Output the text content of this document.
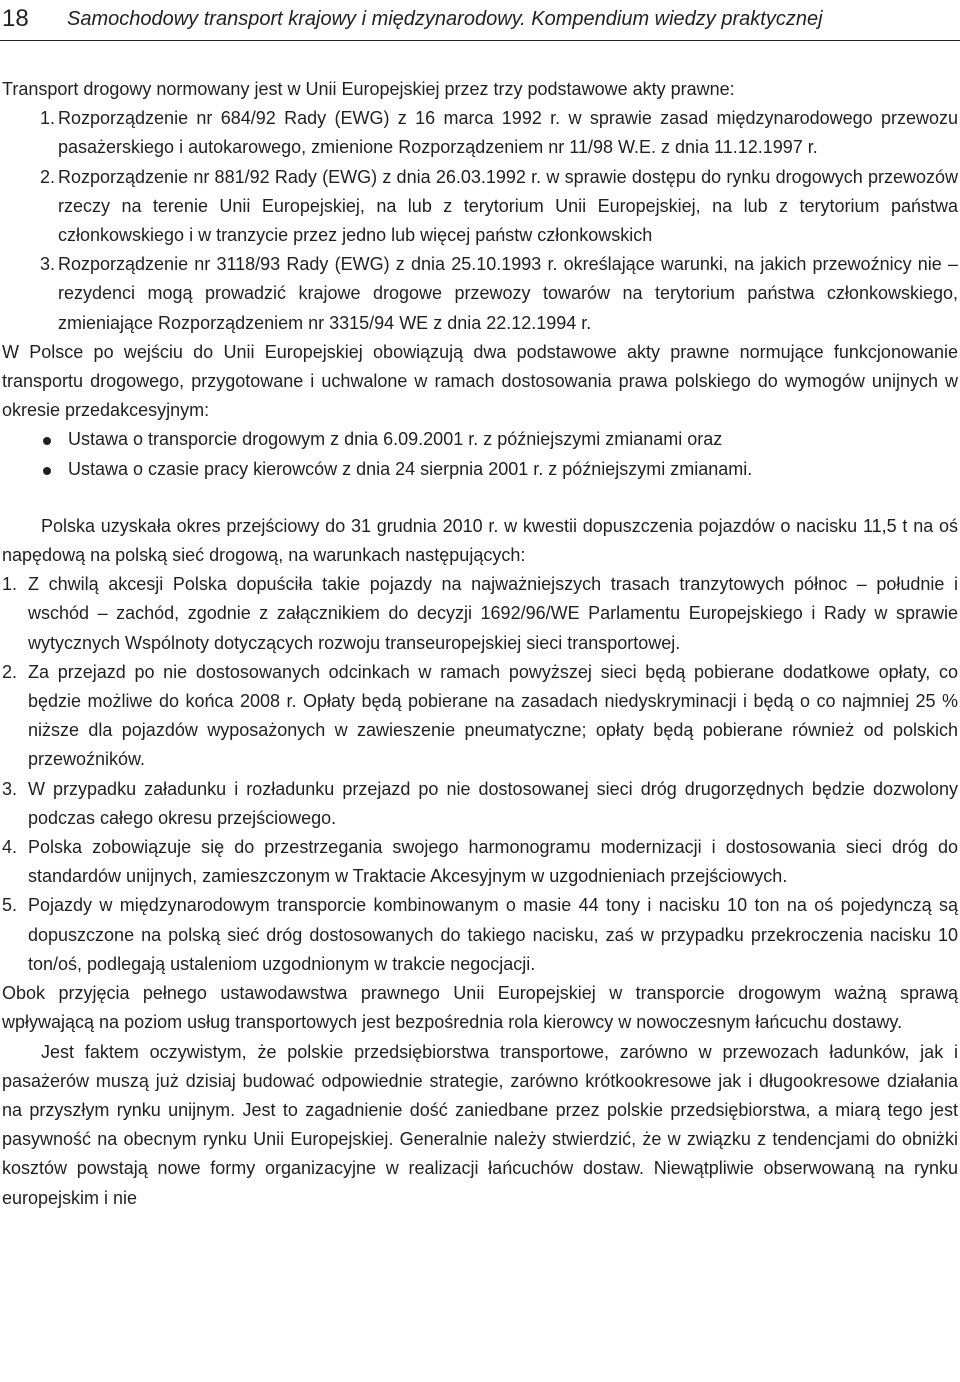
18 Samochodowy transport krajowy i międzynarodowy. Kompendium wiedzy praktycznej

Transport drogowy normowany jest w Unii Europejskiej przez trzy podstawowe akty prawne:

1. Rozporządzenie nr 684/92 Rady (EWG) z 16 marca 1992 r. w sprawie zasad międzynarodowego przewozu pasażerskiego i autokarowego, zmienione Rozporządzeniem nr 11/98 W.E. z dnia 11.12.1997 r.
2. Rozporządzenie nr 881/92 Rady (EWG) z dnia 26.03.1992 r. w sprawie dostępu do rynku drogowych przewozów rzeczy na terenie Unii Europejskiej, na lub z terytorium Unii Europejskiej, na lub z terytorium państwa członkowskiego i w tranzycie przez jedno lub więcej państw członkowskich
3. Rozporządzenie nr 3118/93 Rady (EWG) z dnia 25.10.1993 r. określające warunki, na jakich przewoźnicy nie – rezydenci mogą prowadzić krajowe drogowe przewozy towarów na terytorium państwa członkowskiego, zmieniające Rozporządzeniem nr 3315/94 WE z dnia 22.12.1994 r.

W Polsce po wejściu do Unii Europejskiej obowiązują dwa podstawowe akty prawne normujące funkcjonowanie transportu drogowego, przygotowane i uchwalone w ramach dostosowania prawa polskiego do wymogów unijnych w okresie przedakcesyjnym:

Ustawa o transporcie drogowym z dnia 6.09.2001 r. z późniejszymi zmianami oraz
Ustawa o czasie pracy kierowców z dnia 24 sierpnia 2001 r. z późniejszymi zmianami.

Polska uzyskała okres przejściowy do 31 grudnia 2010 r. w kwestii dopuszczenia pojazdów o nacisku 11,5 t na oś napędową na polską sieć drogową, na warunkach następujących:

1. Z chwilą akcesji Polska dopuściła takie pojazdy na najważniejszych trasach tranzytowych północ – południe i wschód – zachód, zgodnie z załącznikiem do decyzji 1692/96/WE Parlamentu Europejskiego i Rady w sprawie wytycznych Wspólnoty dotyczących rozwoju transeuropejskiej sieci transportowej.
2. Za przejazd po nie dostosowanych odcinkach w ramach powyższej sieci będą pobierane dodatkowe opłaty, co będzie możliwe do końca 2008 r. Opłaty będą pobierane na zasadach niedyskryminacji i będą o co najmniej 25 % niższe dla pojazdów wyposażonych w zawieszenie pneumatyczne; opłaty będą pobierane również od polskich przewoźników.
3. W przypadku załadunku i rozładunku przejazd po nie dostosowanej sieci dróg drugorzędnych będzie dozwolony podczas całego okresu przejściowego.
4. Polska zobowiązuje się do przestrzegania swojego harmonogramu modernizacji i dostosowania sieci dróg do standardów unijnych, zamieszczonym w Traktacie Akcesyjnym w uzgodnieniach przejściowych.
5. Pojazdy w międzynarodowym transporcie kombinowanym o masie 44 tony i nacisku 10 ton na oś pojedynczą są dopuszczone na polską sieć dróg dostosowanych do takiego nacisku, zaś w przypadku przekroczenia nacisku 10 ton/oś, podlegają ustaleniom uzgodnionym w trakcie negocjacji.

Obok przyjęcia pełnego ustawodawstwa prawnego Unii Europejskiej w transporcie drogowym ważną sprawą wpływającą na poziom usług transportowych jest bezpośrednia rola kierowcy w nowoczesnym łańcuchu dostawy.

Jest faktem oczywistym, że polskie przedsiębiorstwa transportowe, zarówno w przewozach ładunków, jak i pasażerów muszą już dzisiaj budować odpowiednie strategie, zarówno krótkookresowe jak i długookresowe działania na przyszłym rynku unijnym. Jest to zagadnienie dość zaniedbane przez polskie przedsiębiorstwa, a miarą tego jest pasywność na obecnym rynku Unii Europejskiej. Generalnie należy stwierdzić, że w związku z tendencjami do obniżki kosztów powstają nowe formy organizacyjne w realizacji łańcuchów dostaw. Niewątpliwie obserwowaną na rynku europejskim i nie
